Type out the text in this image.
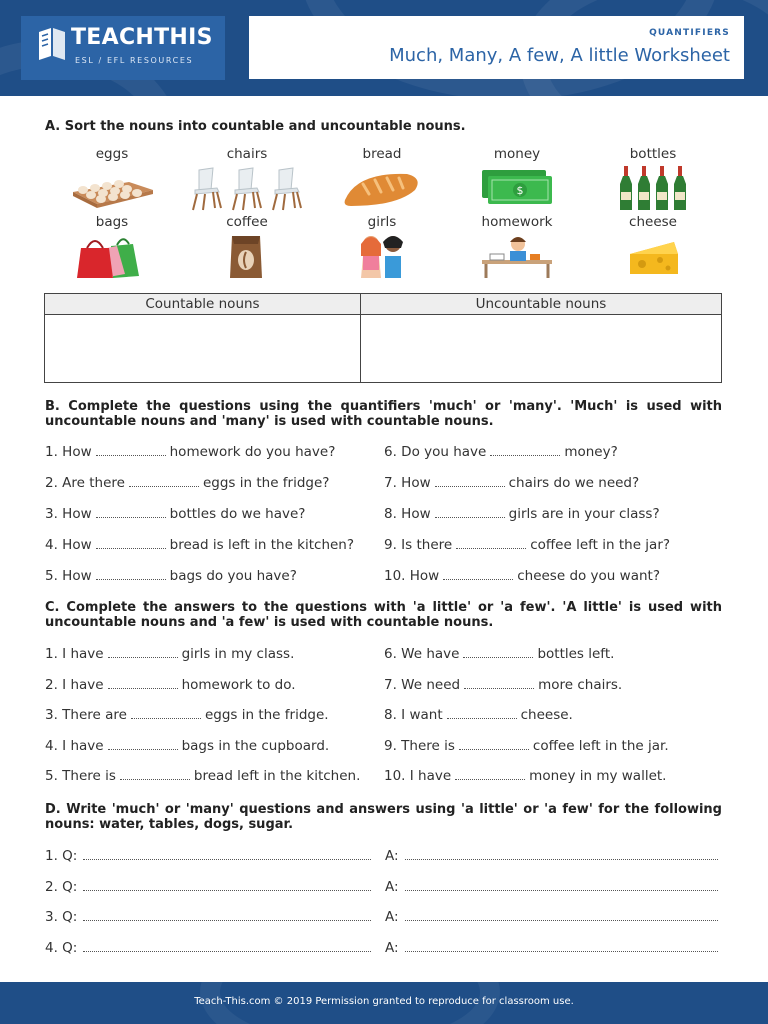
TEACHTHIS
ESL / EFL RESOURCES
QUANTIFIERS
Much, Many, A few, A little Worksheet
A. Sort the nouns into countable and uncountable nouns.
eggs	chairs	bread	money
$
bottles
bags	coffee	girls	homework	cheese
Countable nouns	Uncountable nouns

B. Complete the questions using the quantifiers 'much' or 'many'. 'Much' is used with uncountable nouns and 'many' is used with countable nouns.
1. How	homework do you have?
2. Are there	eggs in the fridge?
3. How	bottles do we have?
4. How	bread is left in the kitchen?
5. How	bags do you have?
6. Do you have	money?
7. How	chairs do we need?
8. How	girls are in your class?
9. Is there	coffee left in the jar?
10. How	cheese do you want?
C. Complete the answers to the questions with 'a little' or 'a few'. 'A little' is used with uncountable nouns and 'a few' is used with countable nouns.
1. I have	girls in my class.
2. I have	homework to do.
3. There are	eggs in the fridge.
4. I have	bags in the cupboard.
5. There is	bread left in the kitchen.
6. We have	bottles left.
7. We need	more chairs.
8. I want	cheese.
9. There is	coffee left in the jar.
10. I have	money in my wallet.
D. Write 'much' or 'many' questions and answers using 'a little' or 'a few' for the following nouns: water, tables, dogs, sugar.
1. Q:	A:
2. Q:	A:
3. Q:	A:
4. Q:	A:
Teach-This.com © 2019 Permission granted to reproduce for classroom use.
